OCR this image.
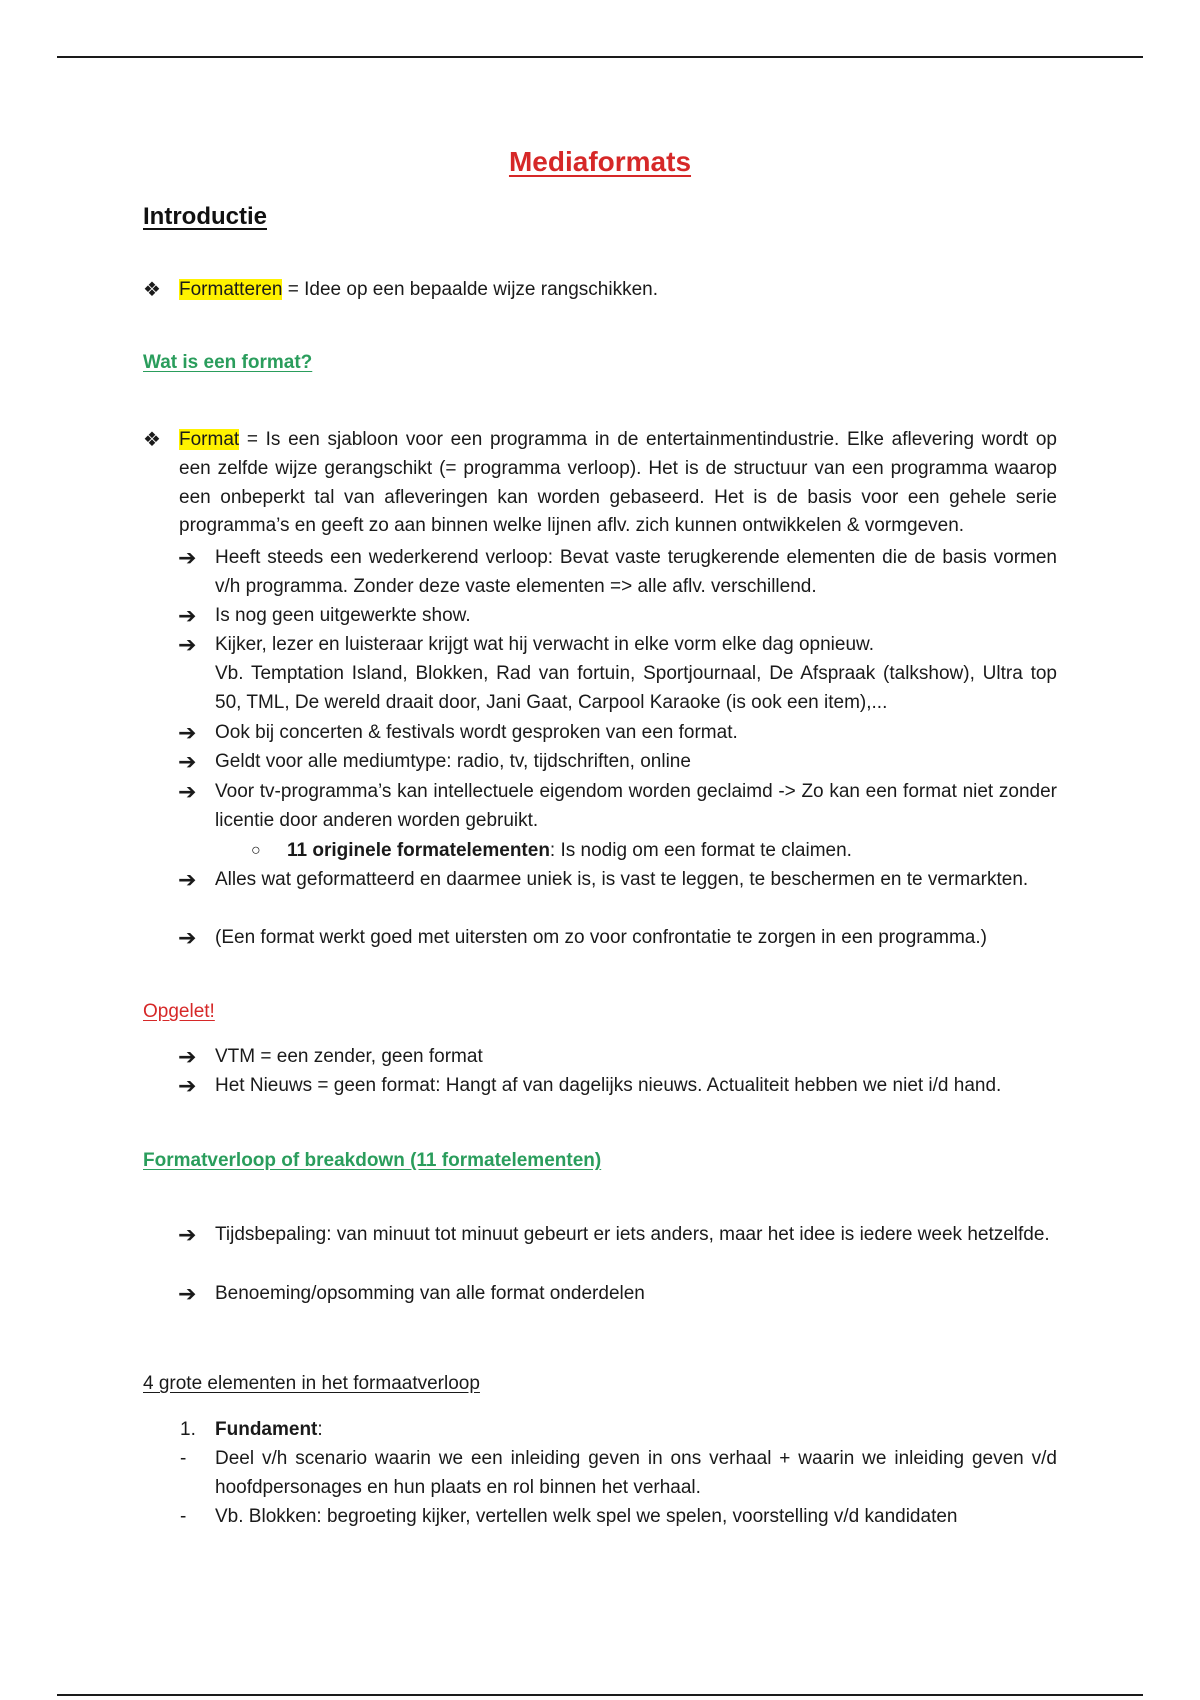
Mediaformats
Introductie
❖ Formatteren = Idee op een bepaalde wijze rangschikken.
Wat is een format?
❖ Format = Is een sjabloon voor een programma in de entertainmentindustrie. Elke aflevering wordt op een zelfde wijze gerangschikt (= programma verloop). Het is de structuur van een programma waarop een onbeperkt tal van afleveringen kan worden gebaseerd. Het is de basis voor een gehele serie programma’s en geeft zo aan binnen welke lijnen aflv. zich kunnen ontwikkelen & vormgeven.
➔ Heeft steeds een wederkerend verloop: Bevat vaste terugkerende elementen die de basis vormen v/h programma. Zonder deze vaste elementen => alle aflv. verschillend.
➔ Is nog geen uitgewerkte show.
➔ Kijker, lezer en luisteraar krijgt wat hij verwacht in elke vorm elke dag opnieuw.
Vb. Temptation Island, Blokken, Rad van fortuin, Sportjournaal, De Afspraak (talkshow), Ultra top 50, TML, De wereld draait door, Jani Gaat, Carpool Karaoke (is ook een item),...
➔ Ook bij concerten & festivals wordt gesproken van een format.
➔ Geldt voor alle mediumtype: radio, tv, tijdschriften, online
➔ Voor tv-programma’s kan intellectuele eigendom worden geclaimd -> Zo kan een format niet zonder licentie door anderen worden gebruikt.
○ 11 originele formatelementen: Is nodig om een format te claimen.
➔ Alles wat geformatteerd en daarmee uniek is, is vast te leggen, te beschermen en te vermarkten.
➔ (Een format werkt goed met uitersten om zo voor confrontatie te zorgen in een programma.)
Opgelet!
➔ VTM = een zender, geen format
➔ Het Nieuws = geen format: Hangt af van dagelijks nieuws. Actualiteit hebben we niet i/d hand.
Formatverloop of breakdown (11 formatelementen)
➔ Tijdsbepaling: van minuut tot minuut gebeurt er iets anders, maar het idee is iedere week hetzelfde.
➔ Benoeming/opsomming van alle format onderdelen
4 grote elementen in het formaatverloop
1. Fundament:
- Deel v/h scenario waarin we een inleiding geven in ons verhaal + waarin we inleiding geven v/d hoofdpersonages en hun plaats en rol binnen het verhaal.
- Vb. Blokken: begroeting kijker, vertellen welk spel we spelen, voorstelling v/d kandidaten
